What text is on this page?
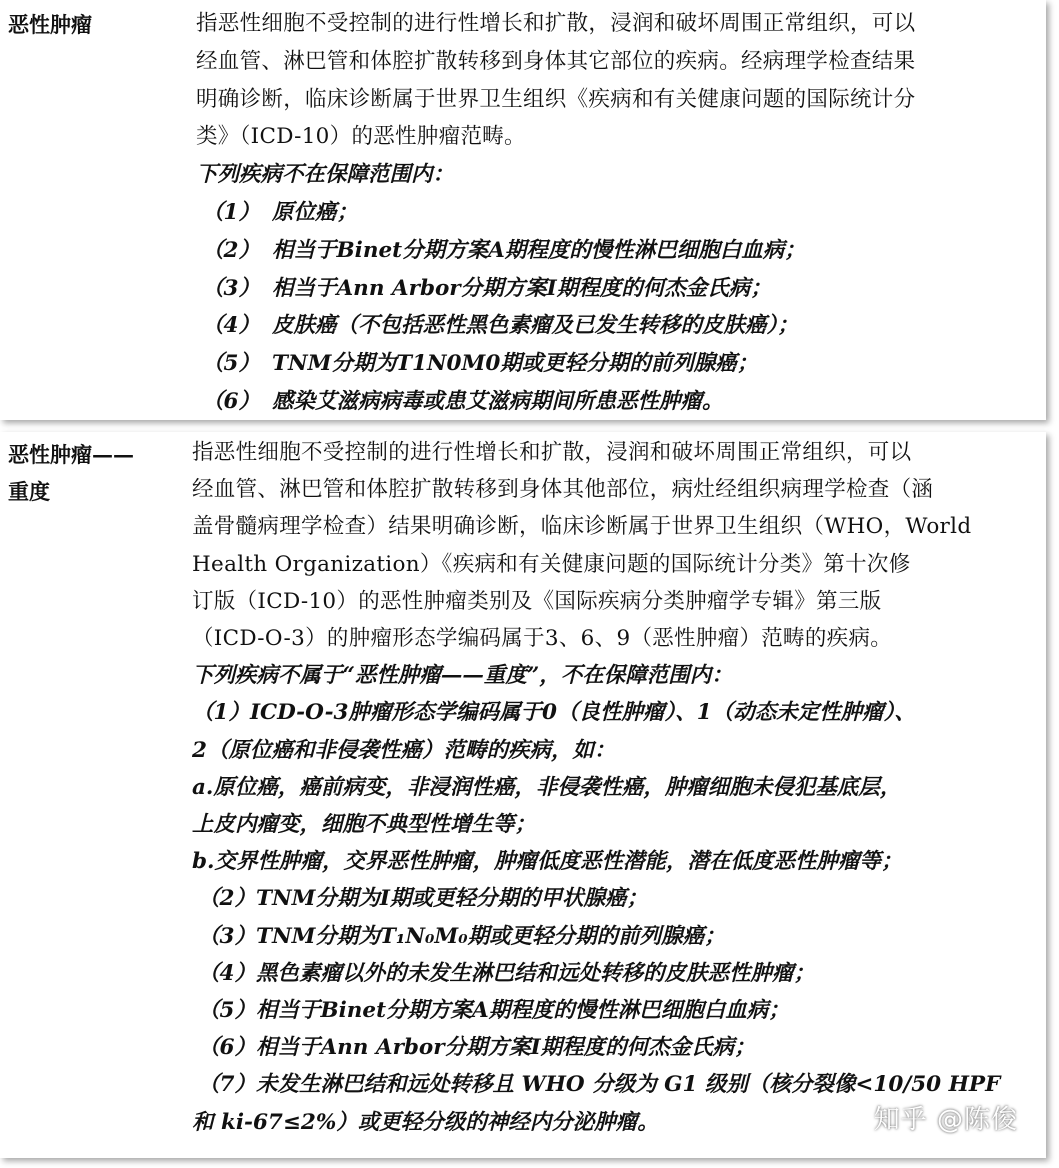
恶性肿瘤	指恶性细胞不受控制的进行性增长和扩散，浸润和破坏周围正常组织，可以
经血管、淋巴管和体腔扩散转移到身体其它部位的疾病。经病理学检查结果
明确诊断，临床诊断属于世界卫生组织《疾病和有关健康问题的国际统计分
类》（ICD-10）的恶性肿瘤范畴。
下列疾病不在保障范围内：
（1） 原位癌；
（2） 相当于Binet分期方案A期程度的慢性淋巴细胞白血病；
（3） 相当于Ann Arbor分期方案I期程度的何杰金氏病；
（4） 皮肤癌（不包括恶性黑色素瘤及已发生转移的皮肤癌）；
（5） TNM分期为T1N0M0期或更轻分期的前列腺癌；
（6） 感染艾滋病病毒或患艾滋病期间所患恶性肿瘤。
恶性肿瘤——
重度
指恶性细胞不受控制的进行性增长和扩散，浸润和破坏周围正常组织，可以
经血管、淋巴管和体腔扩散转移到身体其他部位，病灶经组织病理学检查（涵
盖骨髓病理学检查）结果明确诊断，临床诊断属于世界卫生组织（WHO，World
Health Organization）《疾病和有关健康问题的国际统计分类》第十次修
订版（ICD-10）的恶性肿瘤类别及《国际疾病分类肿瘤学专辑》第三版
（ICD-O-3）的肿瘤形态学编码属于3、6、9（恶性肿瘤）范畴的疾病。
下列疾病不属于“恶性肿瘤——重度”，不在保障范围内：
（1）ICD-O-3肿瘤形态学编码属于0（良性肿瘤）、1（动态未定性肿瘤）、
2（原位癌和非侵袭性癌）范畴的疾病，如：
a.原位癌，癌前病变，非浸润性癌，非侵袭性癌，肿瘤细胞未侵犯基底层，
上皮内瘤变，细胞不典型性增生等；
b.交界性肿瘤，交界恶性肿瘤，肿瘤低度恶性潜能，潜在低度恶性肿瘤等；
（2）TNM分期为Ⅰ期或更轻分期的甲状腺癌；
（3）TNM分期为T₁N₀M₀期或更轻分期的前列腺癌；
（4）黑色素瘤以外的未发生淋巴结和远处转移的皮肤恶性肿瘤；
（5）相当于Binet分期方案A期程度的慢性淋巴细胞白血病；
（6）相当于Ann Arbor分期方案Ⅰ期程度的何杰金氏病；
（7）未发生淋巴结和远处转移且 WHO 分级为 G1 级别（核分裂像<10/50 HPF
和 ki-67≤2%）或更轻分级的神经内分泌肿瘤。	知乎 @陈俊
